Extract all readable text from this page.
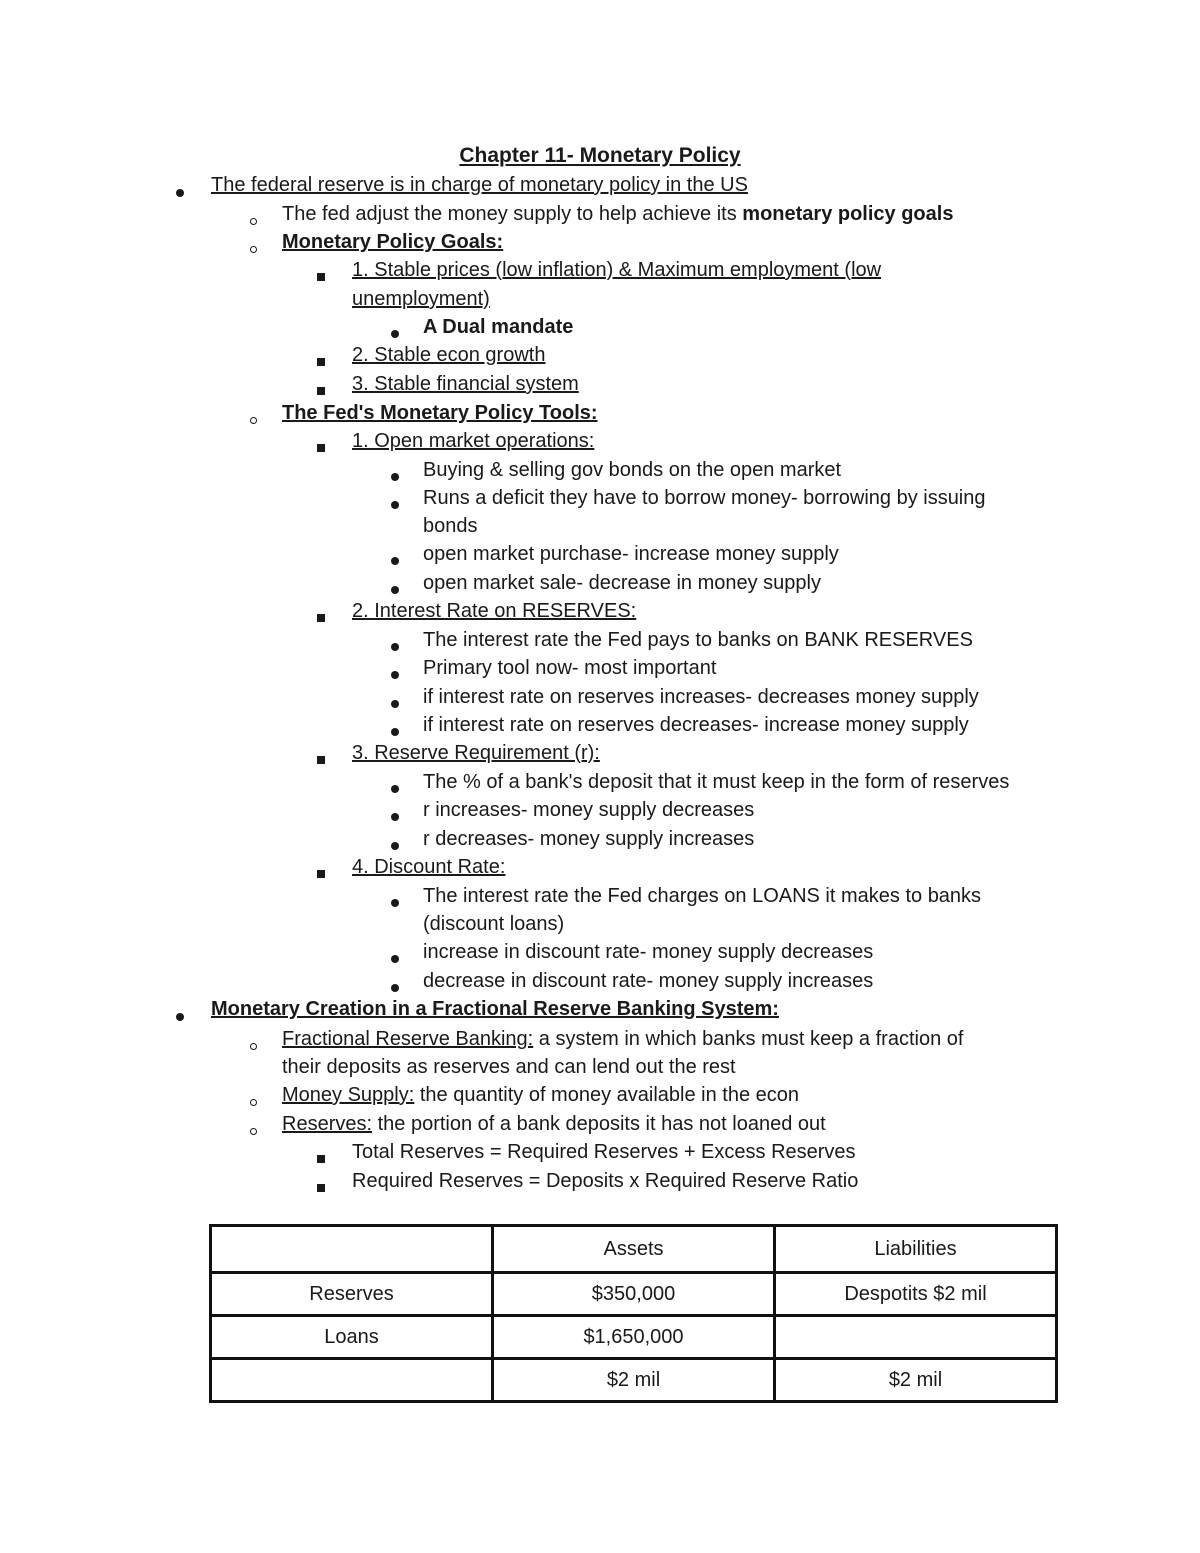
Chapter 11- Monetary Policy
The federal reserve is in charge of monetary policy in the US
The fed adjust the money supply to help achieve its monetary policy goals
Monetary Policy Goals:
1. Stable prices (low inflation) & Maximum employment (low
unemployment)
A Dual mandate
2. Stable econ growth
3. Stable financial system
The Fed's Monetary Policy Tools:
1. Open market operations:
Buying & selling gov bonds on the open market
Runs a deficit they have to borrow money- borrowing by issuing
bonds
open market purchase- increase money supply
open market sale- decrease in money supply
2. Interest Rate on RESERVES:
The interest rate the Fed pays to banks on BANK RESERVES
Primary tool now- most important
if interest rate on reserves increases- decreases money supply
if interest rate on reserves decreases- increase money supply
3. Reserve Requirement (r):
The % of a bank's deposit that it must keep in the form of reserves
r increases- money supply decreases
r decreases- money supply increases
4. Discount Rate:
The interest rate the Fed charges on LOANS it makes to banks
(discount loans)
increase in discount rate- money supply decreases
decrease in discount rate- money supply increases
Monetary Creation in a Fractional Reserve Banking System:
Fractional Reserve Banking: a system in which banks must keep a fraction of
their deposits as reserves and can lend out the rest
Money Supply: the quantity of money available in the econ
Reserves: the portion of a bank deposits it has not loaned out
Total Reserves = Required Reserves + Excess Reserves
Required Reserves = Deposits x Required Reserve Ratio
	Assets	Liabilities
Reserves	$350,000	Despotits $2 mil
Loans	$1,650,000	
	$2 mil	$2 mil
